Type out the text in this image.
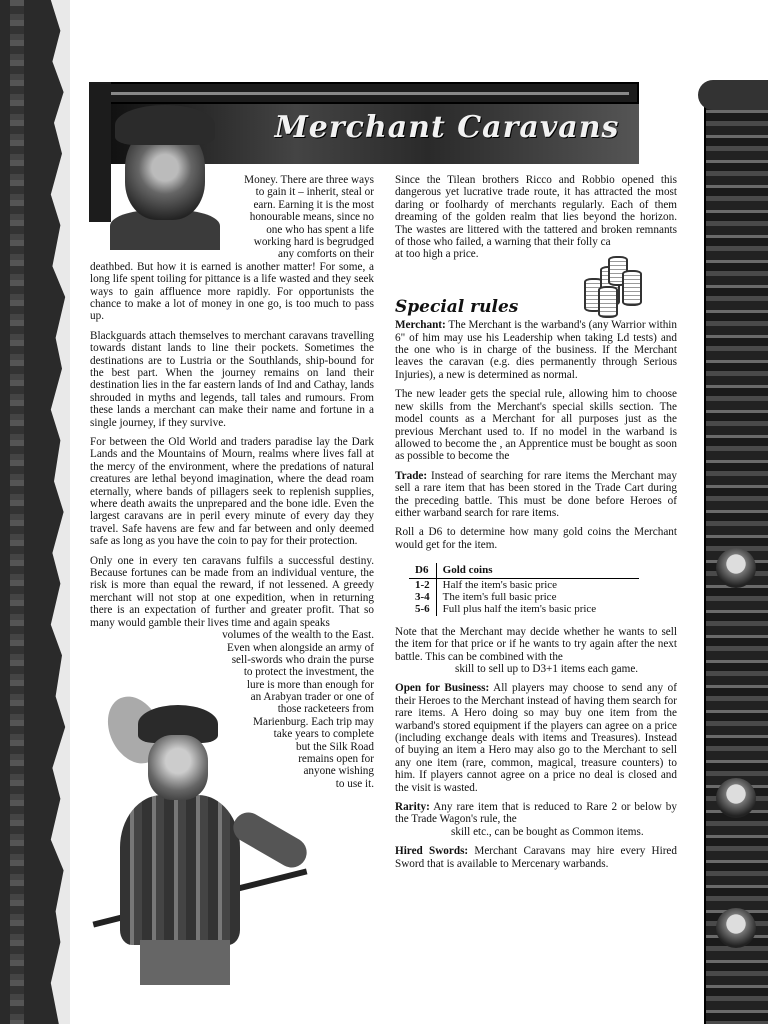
Merchant Caravans
Money. There are three ways
to gain it – inherit, steal or
earn. Earning it is the most
honourable means, since no
one who has spent a life
working hard is begrudged
any comforts on their

deathbed. But how it is earned is another matter! For some, a long life spent toiling for pittance is a life wasted and they seek ways to gain affluence more rapidly. For opportunists the chance to make a lot of money in one go, is too much to pass up.

Blackguards attach themselves to merchant caravans travelling towards distant lands to line their pockets. Sometimes the destinations are to Lustria or the Southlands, ship-bound for the best part. When the journey remains on land their destination lies in the far eastern lands of Ind and Cathay, lands shrouded in myths and legends, tall tales and rumours. From these lands a merchant can make their name and fortune in a single journey, if they survive.

For between the Old World and traders paradise lay the Dark Lands and the Mountains of Mourn, realms where lives fall at the mercy of the environment, where the predations of natural creatures are lethal beyond imagination, where the dead roam eternally, where bands of pillagers seek to replenish supplies, where death awaits the unprepared and the bone idle. Even the largest caravans are in peril every minute of every day they travel. Safe havens are few and far between and only deemed safe as long as you have the coin to pay for their protection.

Only one in every ten caravans fulfils a successful destiny. Because fortunes can be made from an individual venture, the risk is more than equal the reward, if not lessened. A greedy merchant will not stop at one expedition, when in returning there is an expectation of further and greater profit. That so many would gamble their lives time and again speaks

volumes of the wealth to the East.
Even when alongside an army of
sell-swords who drain the purse
to protect the investment, the
lure is more than enough for
an Arabyan trader or one of
those racketeers from
Marienburg. Each trip may
take years to complete
but the Silk Road
remains open for
anyone wishing
to use it.

Since the Tilean brothers Ricco and Robbio opened this dangerous yet lucrative trade route, it has attracted the most daring or foolhardy of merchants regularly. Each of them dreaming of the golden realm that lies beyond the horizon. The wastes are littered with the tattered and broken remnants of those who failed, a warning that their folly ca

at too high a price.

Special rules

Merchant: The Merchant is the warband's (any Warrior within 6" of him may use his Leadership when taking Ld tests) and the one who is in charge of the business. If the Merchant leaves the caravan (e.g. dies permanently through Serious Injuries), a new is determined as normal.

The new leader gets the special rule, allowing him to choose new skills from the Merchant's special skills section. The model counts as a Merchant for all purposes just as the previous Merchant used to. If no model in the warband is allowed to become the , an Apprentice must be bought as soon as possible to become the

Trade: Instead of searching for rare items the Merchant may sell a rare item that has been stored in the Trade Cart during the preceding battle. This must be done before Heroes of either warband search for rare items.

Roll a D6 to determine how many gold coins the Merchant would get for the item.

D6	Gold coins
1-2	Half the item's basic price
3-4	The item's full basic price
5-6	Full plus half the item's basic price

Note that the Merchant may decide whether he wants to sell the item for that price or if he wants to try again after the next battle. This can be combined with the

skill to sell up to D3+1 items each game.

Open for Business: All players may choose to send any of their Heroes to the Merchant instead of having them search for rare items. A Hero doing so may buy one item from the warband's stored equipment if the players can agree on a price (including exchange deals with items and Treasures). Instead of buying an item a Hero may also go to the Merchant to sell any one item (rare, common, magical, treasure counters) to him. If players cannot agree on a price no deal is closed and the visit is wasted.

Rarity: Any rare item that is reduced to Rare 2 or below by the Trade Wagon's rule, the

skill etc., can be bought as Common items.

Hired Swords: Merchant Caravans may hire every Hired Sword that is available to Mercenary warbands.
